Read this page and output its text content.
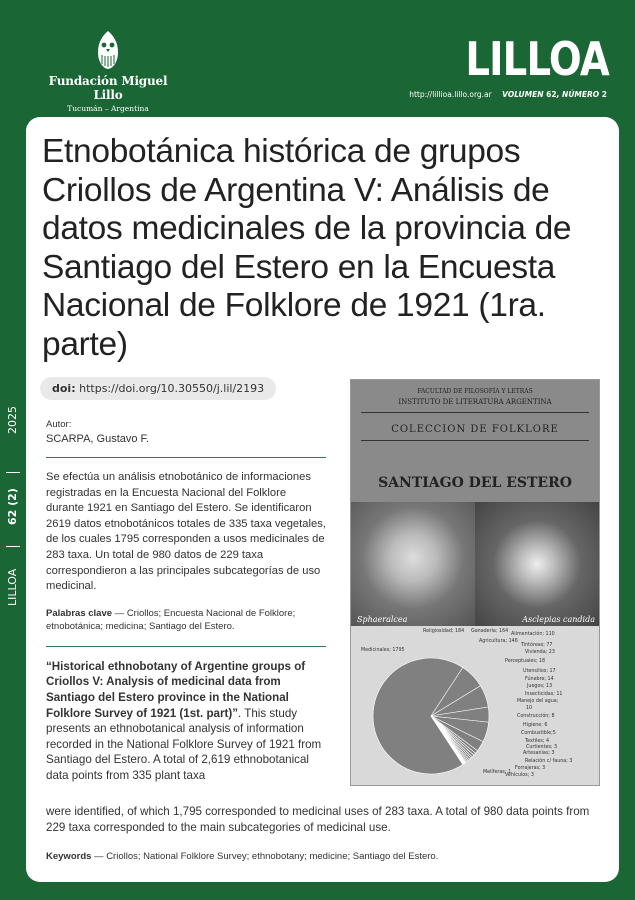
Fundación Miguel Lillo
Tucumán – Argentina
LILLOA
http://lillioa.lillo.org.ar VOLUMEN 62, NÚMERO 2
LILLOA
62 (2)
2025
Etnobotánica histórica de grupos Criollos de Argentina V: Análisis de datos medicinales de la provincia de Santiago del Estero en la Encuesta Nacional de Folklore de 1921 (1ra. parte)
doi: https://doi.org/10.30550/j.lil/2193
Autor:
SCARPA, Gustavo F.
Se efectúa un análisis etnobotánico de informaciones registradas en la Encuesta Nacional del Folklore durante 1921 en Santiago del Estero. Se identificaron 2619 datos etnobotánicos totales de 335 taxa vegetales, de los cuales 1795 corresponden a usos medicinales de 283 taxa. Un total de 980 datos de 229 taxa correspondieron a las principales subcategorías de uso medicinal.
Palabras clave — Criollos; Encuesta Nacional de Folklore; etnobotánica; medicina; Santiago del Estero.
“Historical ethnobotany of Argentine groups of Criollos V: Analysis of medicinal data from Santiago del Estero province in the National Folklore Survey of 1921 (1st. part)”. This study presents an ethnobotanical analysis of information recorded in the National Folklore Survey of 1921 from Santiago del Estero. A total of 2,619 ethnobotanical data points from 335 plant taxa
were identified, of which 1,795 corresponded to medicinal uses of 283 taxa. A total of 980 data points from 229 taxa corresponded to the main subcategories of medicinal use.
Keywords — Criollos; National Folklore Survey; ethnobotany; medicine; Santiago del Estero.
FACULTAD DE FILOSOFÍA Y LETRAS
INSTITUTO DE LITERATURA ARGENTINA
COLECCION DE FOLKLORE
SANTIAGO DEL ESTERO
Sphaeralcea	Asclepias candida
Medicinales; 1795
Religiosidad; 184 Ganadería; 164
Alimentación; 110
Agricultura; 146
Tintóreas; 77
Vivienda; 23
Perceptuales; 18
Utensilios; 17
Fúnebre; 14
Juegos; 13
Insecticidas; 11
Manejo del agua;
10
Construcción; 8
Higiene; 6
Combustible;5
Textiles; 4
Curtientes; 3
Artesanías; 3
Relación c/ fauna; 3
Forrajeras; 3
Vehículos; 3
Melíferas; 1
